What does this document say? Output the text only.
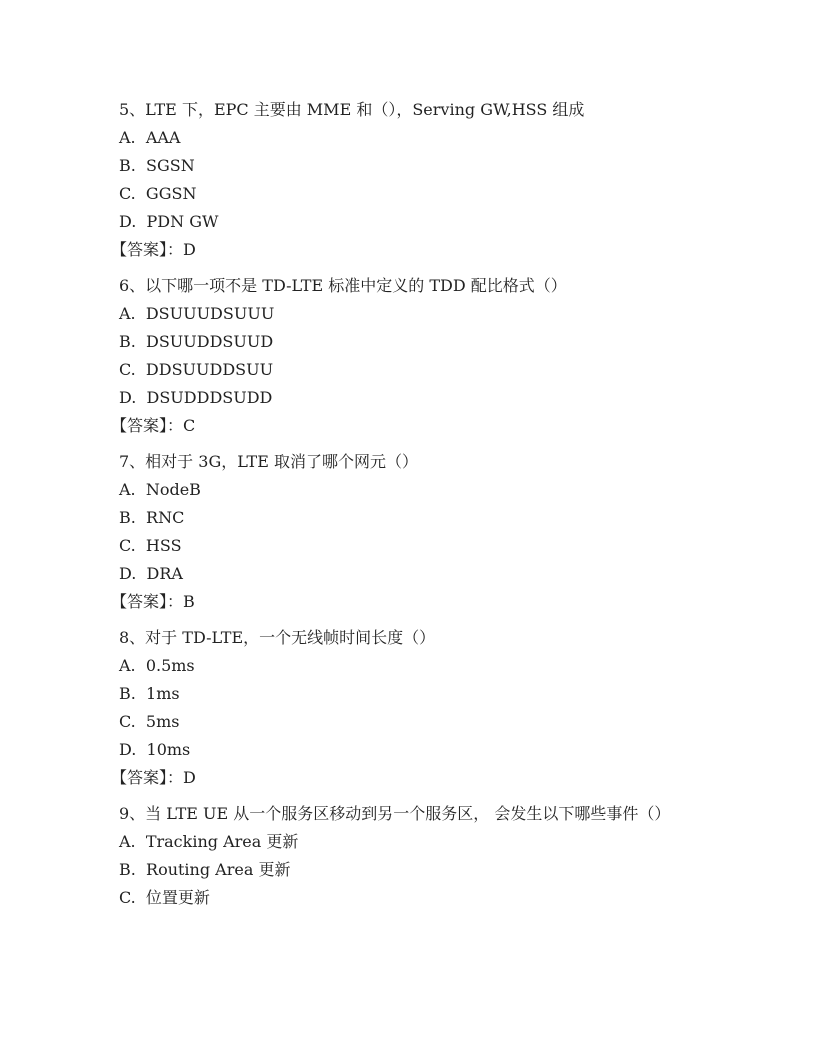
5、LTE 下，EPC 主要由 MME 和（），Serving GW,HSS 组成
A.  AAA
B.  SGSN
C.  GGSN
D.  PDN GW
【答案】：D
6、以下哪一项不是 TD-LTE 标准中定义的 TDD 配比格式（）
A.  DSUUUDSUUU
B.  DSUUDDSUUD
C.  DDSUUDDSUU
D.  DSUDDDSUDD
【答案】：C
7、相对于 3G，LTE 取消了哪个网元（）
A.  NodeB
B.  RNC
C.  HSS
D.  DRA
【答案】：B
8、对于 TD-LTE，一个无线帧时间长度（）
A.  0.5ms
B.  1ms
C.  5ms
D.  10ms
【答案】：D
9、当 LTE UE 从一个服务区移动到另一个服务区， 会发生以下哪些事件（）
A.  Tracking Area 更新
B.  Routing Area 更新
C.  位置更新
